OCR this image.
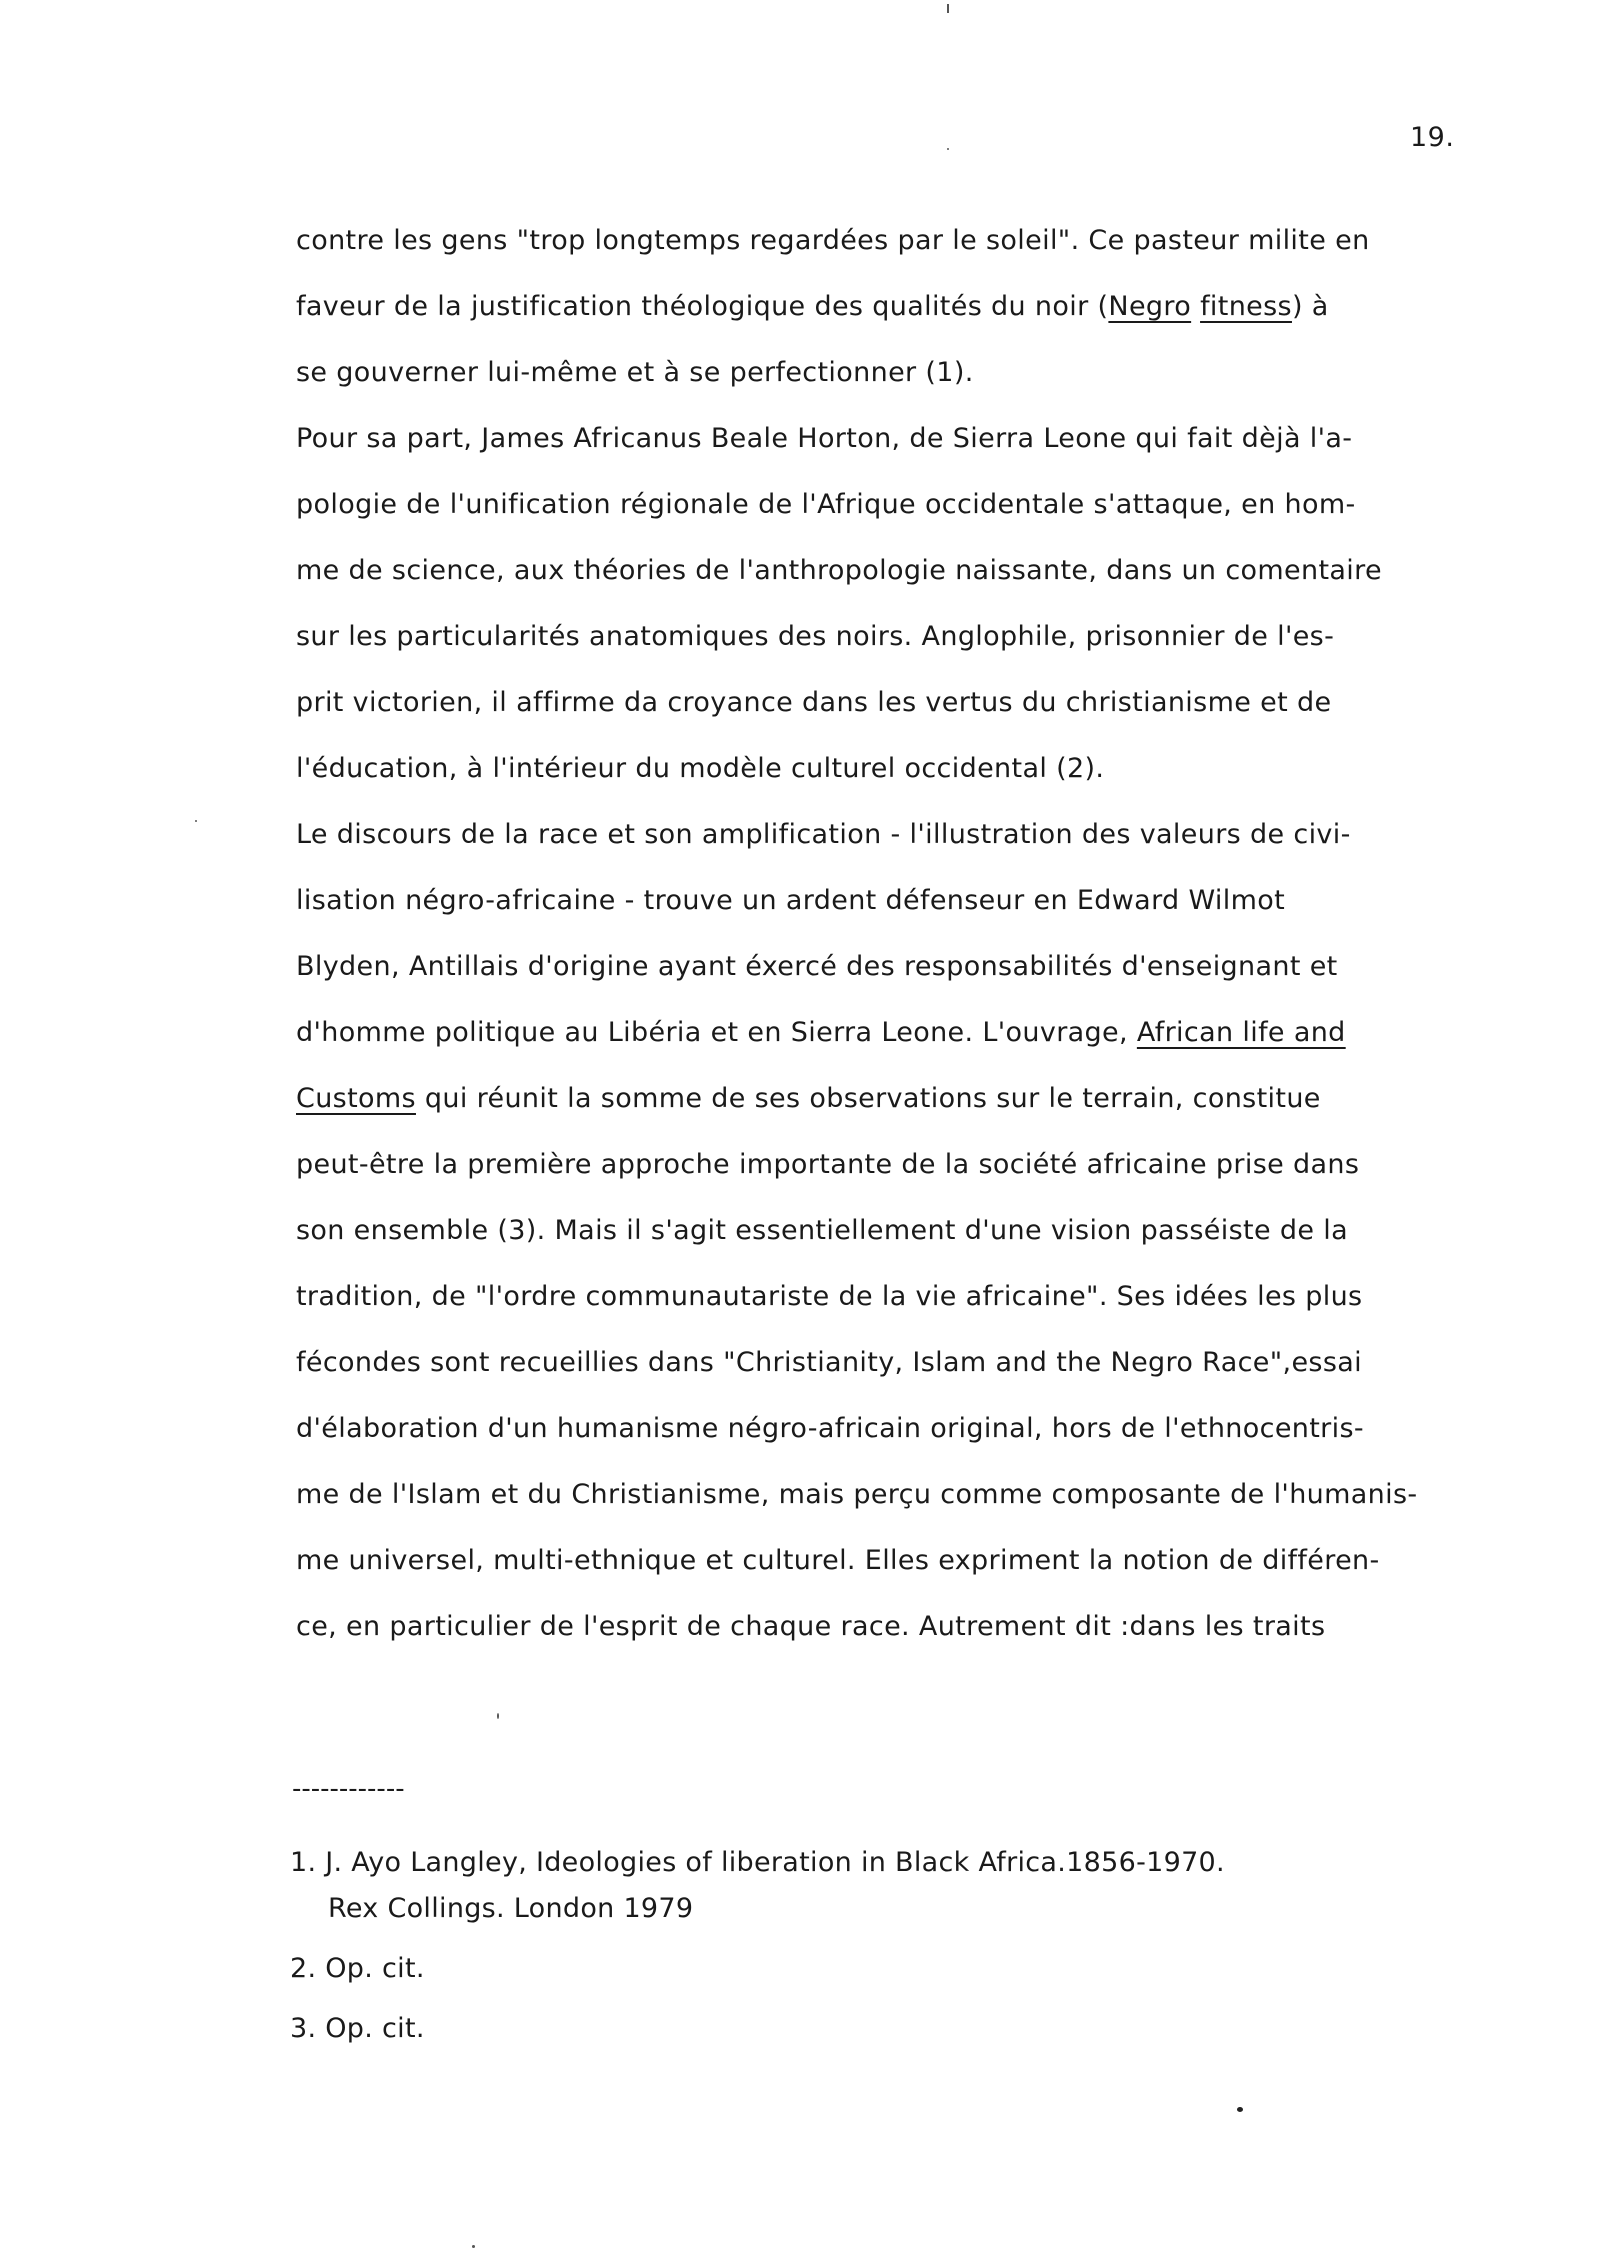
19.
contre les gens "trop longtemps regardées par le soleil". Ce pasteur milite en
faveur de la justification théologique des qualités du noir (Negro fitness) à
se gouverner lui-même et à se perfectionner (1).
Pour sa part, James Africanus Beale Horton, de Sierra Leone qui fait dèjà l'a-
pologie de l'unification régionale de l'Afrique occidentale s'attaque, en hom-
me de science, aux théories de l'anthropologie naissante, dans un comentaire
sur les particularités anatomiques des noirs. Anglophile, prisonnier de l'es-
prit victorien, il affirme da croyance dans les vertus du christianisme et de
l'éducation, à l'intérieur du modèle culturel occidental (2).
Le discours de la race et son amplification - l'illustration des valeurs de civi-
lisation négro-africaine - trouve un ardent défenseur en Edward Wilmot
Blyden, Antillais d'origine ayant éxercé des responsabilités d'enseignant et
d'homme politique au Libéria et en Sierra Leone. L'ouvrage, African life and
Customs qui réunit la somme de ses observations sur le terrain, constitue
peut-être la première approche importante de la société africaine prise dans
son ensemble (3). Mais il s'agit essentiellement d'une vision passéiste de la
tradition, de "l'ordre communautariste de la vie africaine". Ses idées les plus
fécondes sont recueillies dans "Christianity, Islam and the Negro Race",essai
d'élaboration d'un humanisme négro-africain original, hors de l'ethnocentris-
me de l'Islam et du Christianisme, mais perçu comme composante de l'humanis-
me universel, multi-ethnique et culturel. Elles expriment la notion de différen-
ce, en particulier de l'esprit de chaque race. Autrement dit :dans les traits
------------
1. J. Ayo Langley, Ideologies of liberation in Black Africa.1856-1970.
Rex Collings. London 1979
2. Op. cit.
3. Op. cit.
